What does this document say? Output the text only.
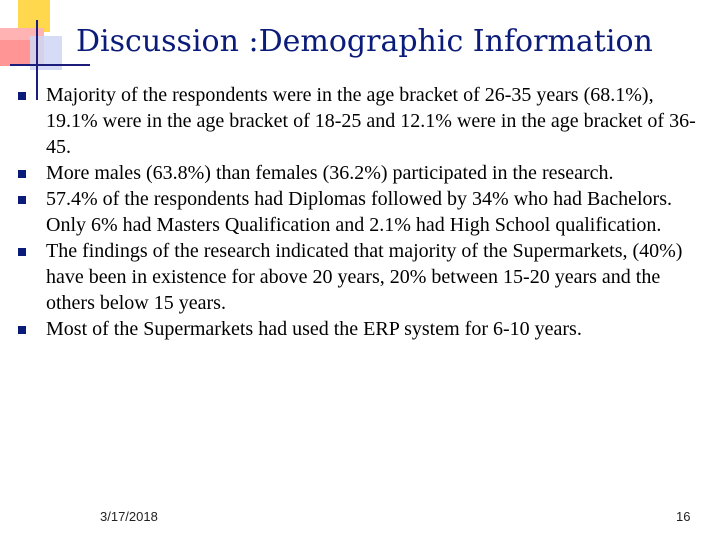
Discussion :Demographic Information
Majority of the respondents were in the age bracket of 26-35 years (68.1%), 19.1% were in the age bracket of 18-25 and 12.1% were in the age bracket of 36-45.
More males (63.8%) than females (36.2%) participated in the research.
57.4% of the respondents had Diplomas followed by 34% who had Bachelors. Only 6% had Masters Qualification and 2.1% had High School qualification.
The findings of the research indicated that majority of the Supermarkets, (40%) have been in existence for above 20 years, 20% between 15-20 years and the others below 15 years.
Most of the Supermarkets had used the ERP system for 6-10 years.
3/17/2018	16
